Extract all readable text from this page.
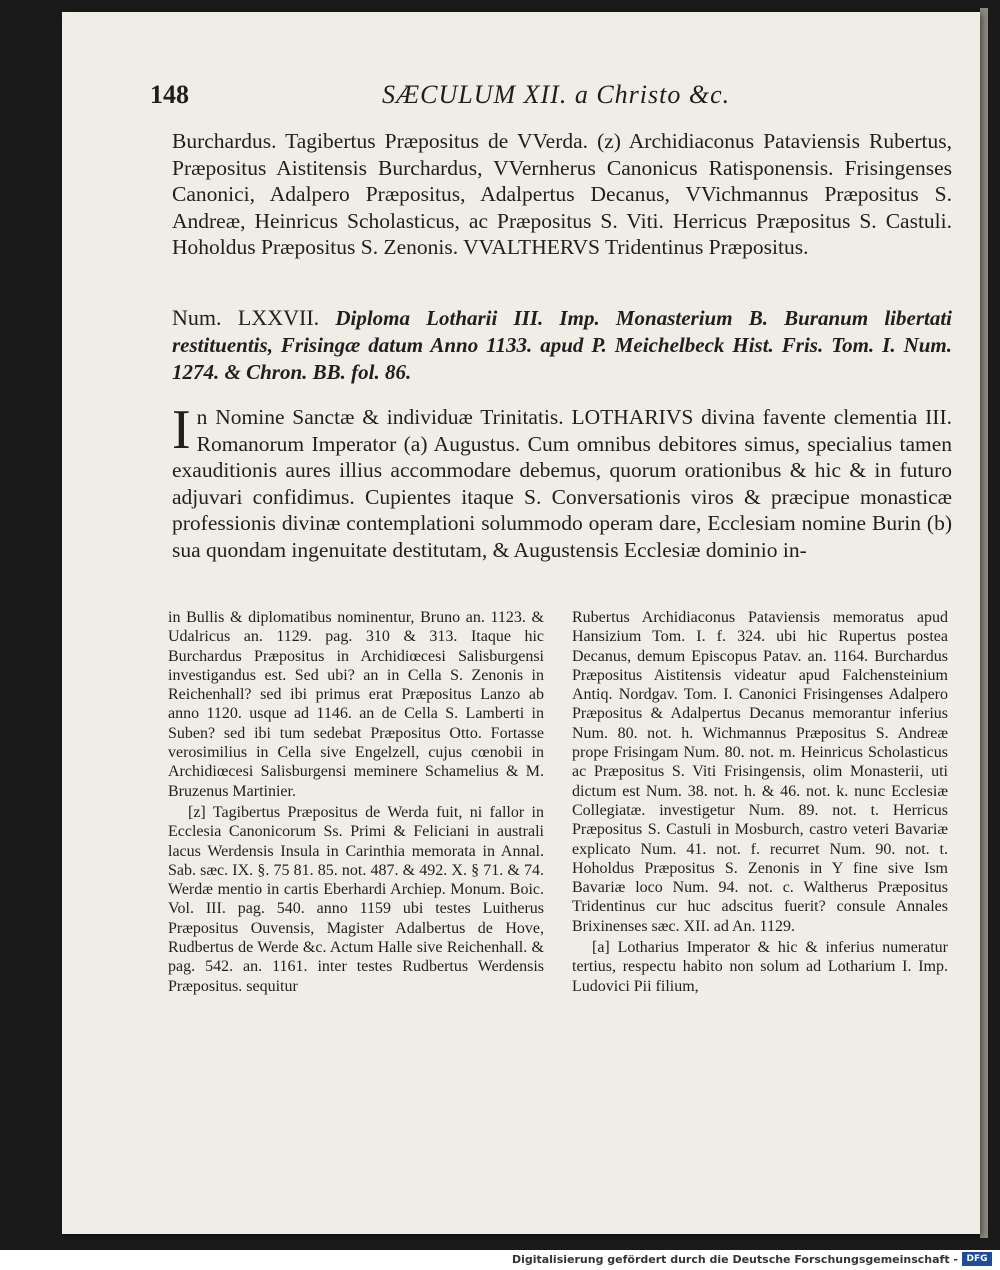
148	SÆCULUM XII. a Christo &c.
Burchardus. Tagibertus Præpositus de VVerda. (z) Archidiaconus Pataviensis Rubertus, Præpositus Aistitensis Burchardus, VVernherus Canonicus Ratisponensis. Frisingenses Canonici, Adalpero Præpositus, Adalpertus Decanus, VVichmannus Præpositus S. Andreæ, Heinricus Scholasticus, ac Præpositus S. Viti. Herricus Præpositus S. Castuli. Hoholdus Præpositus S. Zenonis. VVALTHERVS Tridentinus Præpositus.
Num. LXXVII. Diploma Lotharii III. Imp. Monasterium B. Buranum libertati restituentis, Frisingæ datum Anno 1133. apud P. Meichelbeck Hist. Fris. Tom. I. Num. 1274. & Chron. BB. fol. 86.
I n Nomine Sanctæ & individuæ Trinitatis. LOTHARIVS divina favente clementia III. Romanorum Imperator (a) Augustus. Cum omnibus debitores simus, specialius tamen exauditionis aures illius accommodare debemus, quorum orationibus & hic & in futuro adjuvari confidimus. Cupientes itaque S. Conversationis viros & præcipue monasticæ professionis divinæ contemplationi solummodo operam dare, Ecclesiam nomine Burin (b) sua quondam ingenuitate destitutam, & Augustensis Ecclesiæ dominio in-

in Bullis & diplomatibus nominentur, Bruno an. 1123. & Udalricus an. 1129. pag. 310 & 313. Itaque hic Burchardus Præpositus in Archidiœcesi Salisburgensi investigandus est. Sed ubi? an in Cella S. Zenonis in Reichenhall? sed ibi primus erat Præpositus Lanzo ab anno 1120. usque ad 1146. an de Cella S. Lamberti in Suben? sed ibi tum sedebat Præpositus Otto. Fortasse verosimilius in Cella sive Engelzell, cujus cœnobii in Archidiœcesi Salisburgensi meminere Schamelius & M. Bruzenus Martinier.

[z] Tagibertus Præpositus de Werda fuit, ni fallor in Ecclesia Canonicorum Ss. Primi & Feliciani in australi lacus Werdensis Insula in Carinthia memorata in Annal. Sab. sæc. IX. §. 75 81. 85. not. 487. & 492. X. § 71. & 74. Werdæ mentio in cartis Eberhardi Archiep. Monum. Boic. Vol. III. pag. 540. anno 1159 ubi testes Luitherus Præpositus Ouvensis, Magister Adalbertus de Hove, Rudbertus de Werde &c. Actum Halle sive Reichenhall. & pag. 542. an. 1161. inter testes Rudbertus Werdensis Præpositus. sequitur

Rubertus Archidiaconus Pataviensis memoratus apud Hansizium Tom. I. f. 324. ubi hic Rupertus postea Decanus, demum Episcopus Patav. an. 1164. Burchardus Præpositus Aistitensis videatur apud Falchensteinium Antiq. Nordgav. Tom. I. Canonici Frisingenses Adalpero Præpositus & Adalpertus Decanus memorantur inferius Num. 80. not. h. Wichmannus Præpositus S. Andreæ prope Frisingam Num. 80. not. m. Heinricus Scholasticus ac Præpositus S. Viti Frisingensis, olim Monasterii, uti dictum est Num. 38. not. h. & 46. not. k. nunc Ecclesiæ Collegiatæ. investigetur Num. 89. not. t. Herricus Præpositus S. Castuli in Mosburch, castro veteri Bavariæ explicato Num. 41. not. f. recurret Num. 90. not. t. Hoholdus Præpositus S. Zenonis in Y fine sive Ism Bavariæ loco Num. 94. not. c. Waltherus Præpositus Tridentinus cur huc adscitus fuerit? consule Annales Brixinenses sæc. XII. ad An. 1129.

[a] Lotharius Imperator & hic & inferius numeratur tertius, respectu habito non solum ad Lotharium I. Imp. Ludovici Pii filium,

Digitalisierung gefördert durch die Deutsche Forschungsgemeinschaft - DFG
